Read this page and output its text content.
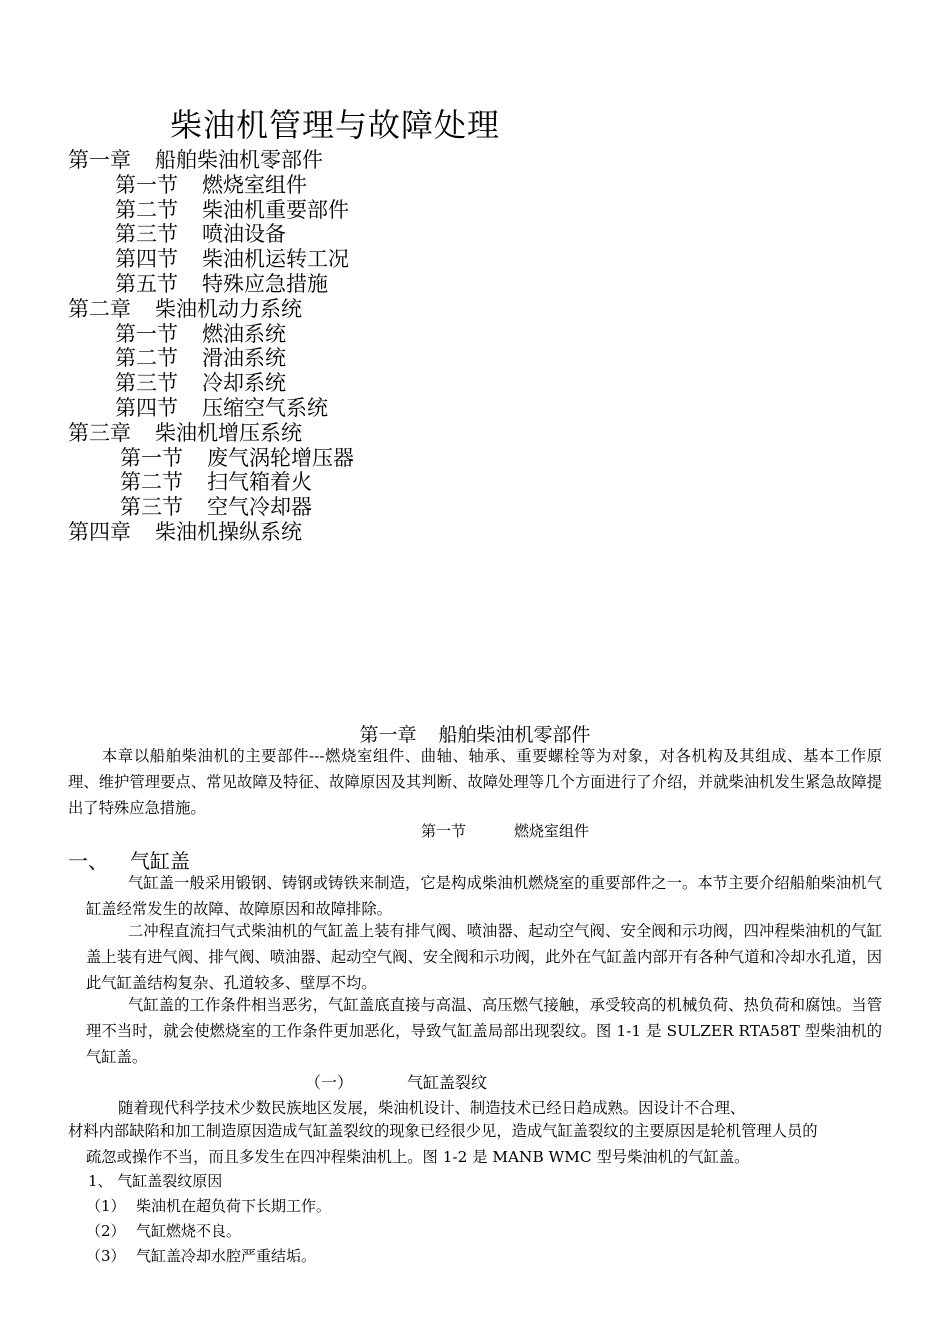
柴油机管理与故障处理
第一章 船舶柴油机零部件
第一节 燃烧室组件
第二节 柴油机重要部件
第三节 喷油设备
第四节 柴油机运转工况
第五节 特殊应急措施
第二章 柴油机动力系统
第一节 燃油系统
第二节 滑油系统
第三节 冷却系统
第四节 压缩空气系统
第三章 柴油机增压系统
第一节 废气涡轮增压器
第二节 扫气箱着火
第三节 空气冷却器
第四章 柴油机操纵系统
第一章 船舶柴油机零部件
本章以船舶柴油机的主要部件---燃烧室组件、曲轴、轴承、重要螺栓等为对象，对各机构及其组成、基本工作原理、维护管理要点、常见故障及特征、故障原因及其判断、故障处理等几个方面进行了介绍，并就柴油机发生紧急故障提出了特殊应急措施。
第一节	燃烧室组件
一、 气缸盖
气缸盖一般采用锻钢、铸钢或铸铁来制造，它是构成柴油机燃烧室的重要部件之一。本节主要介绍船舶柴油机气缸盖经常发生的故障、故障原因和故障排除。
二冲程直流扫气式柴油机的气缸盖上装有排气阀、喷油器、起动空气阀、安全阀和示功阀，四冲程柴油机的气缸盖上装有进气阀、排气阀、喷油器、起动空气阀、安全阀和示功阀，此外在气缸盖内部开有各种气道和冷却水孔道，因此气缸盖结构复杂、孔道较多、壁厚不均。
气缸盖的工作条件相当恶劣，气缸盖底直接与高温、高压燃气接触，承受较高的机械负荷、热负荷和腐蚀。当管理不当时，就会使燃烧室的工作条件更加恶化，导致气缸盖局部出现裂纹。图 1-1 是 SULZER RTA58T 型柴油机的气缸盖。
（一）	气缸盖裂纹
随着现代科学技术少数民族地区发展，柴油机设计、制造技术已经日趋成熟。因设计不合理、
材料内部缺陷和加工制造原因造成气缸盖裂纹的现象已经很少见，造成气缸盖裂纹的主要原因是轮机管理人员的
疏忽或操作不当，而且多发生在四冲程柴油机上。图 1-2 是 MANB WMC 型号柴油机的气缸盖。
1、 气缸盖裂纹原因
（1） 柴油机在超负荷下长期工作。
（2） 气缸燃烧不良。
（3） 气缸盖冷却水腔严重结垢。
